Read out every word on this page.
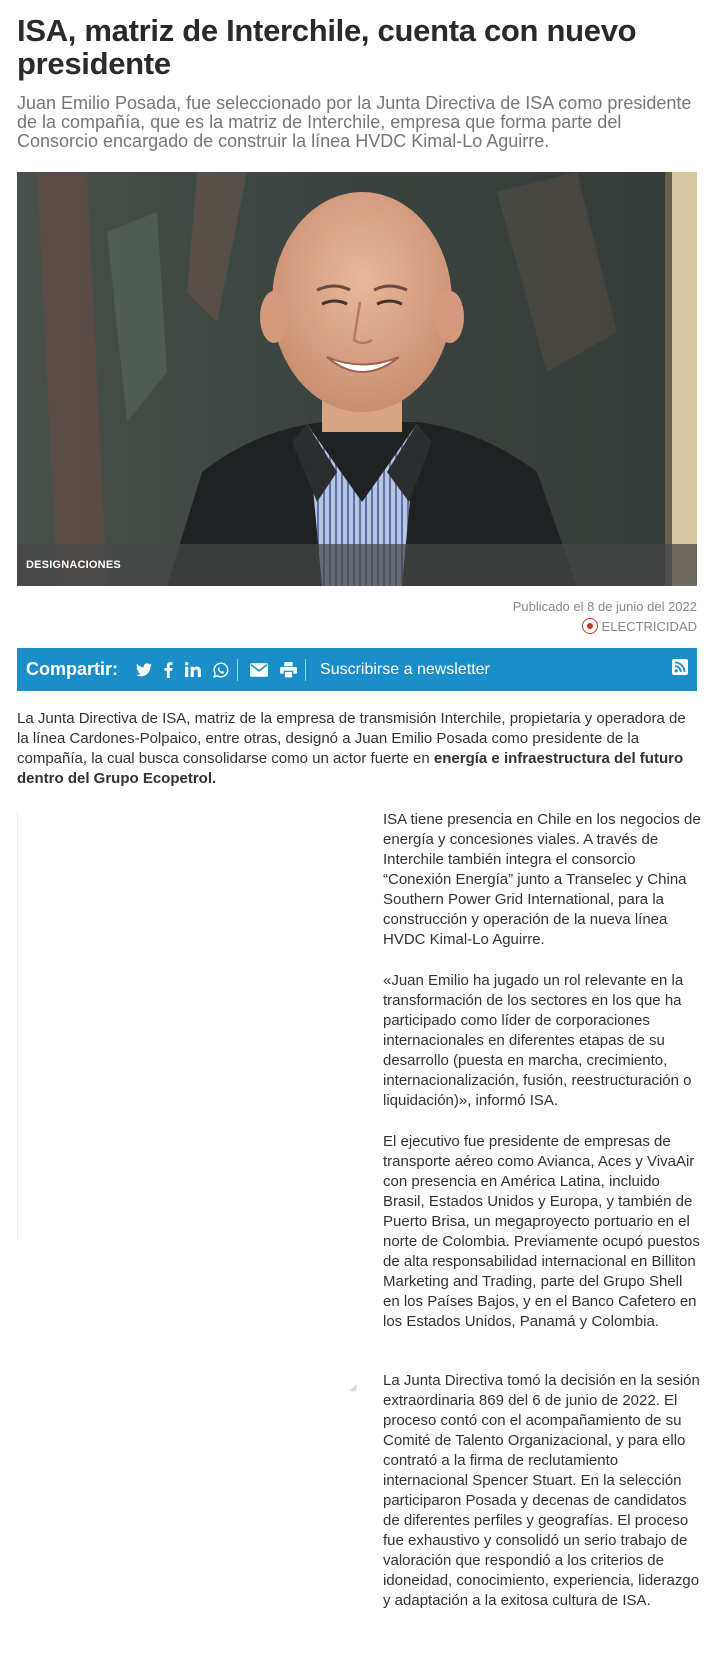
ISA, matriz de Interchile, cuenta con nuevo presidente

Juan Emilio Posada, fue seleccionado por la Junta Directiva de ISA como presidente de la compañía, que es la matriz de Interchile, empresa que forma parte del Consorcio encargado de construir la línea HVDC Kimal-Lo Aguirre.

DESIGNACIONES
Publicado el 8 de junio del 2022
ELECTRICIDAD
Compartir:	Suscribirse a newsletter

La Junta Directiva de ISA, matriz de la empresa de transmisión Interchile, propietaria y operadora de la línea Cardones-Polpaico, entre otras, designó a Juan Emilio Posada como presidente de la compañía, la cual busca consolidarse como un actor fuerte en energía e infraestructura del futuro dentro del Grupo Ecopetrol.

◢

ISA tiene presencia en Chile en los negocios de energía y concesiones viales. A través de Interchile también integra el consorcio “Conexión Energía” junto a Transelec y China Southern Power Grid International, para la construcción y operación de la nueva línea HVDC Kimal-Lo Aguirre.

«Juan Emilio ha jugado un rol relevante en la transformación de los sectores en los que ha participado como líder de corporaciones internacionales en diferentes etapas de su desarrollo (puesta en marcha, crecimiento, internacionalización, fusión, reestructuración o liquidación)», informó ISA.

El ejecutivo fue presidente de empresas de transporte aéreo como Avianca, Aces y VivaAir con presencia en América Latina, incluido Brasil, Estados Unidos y Europa, y también de Puerto Brisa, un megaproyecto portuario en el norte de Colombia. Previamente ocupó puestos de alta responsabilidad internacional en Billiton Marketing and Trading, parte del Grupo Shell en los Países Bajos, y en el Banco Cafetero en los Estados Unidos, Panamá y Colombia.

La Junta Directiva tomó la decisión en la sesión extraordinaria 869 del 6 de junio de 2022. El proceso contó con el acompañamiento de su Comité de Talento Organizacional, y para ello contrató a la firma de reclutamiento internacional Spencer Stuart. En la selección participaron Posada y decenas de candidatos de diferentes perfiles y geografías. El proceso fue exhaustivo y consolidó un serio trabajo de valoración que respondió a los criterios de idoneidad, conocimiento, experiencia, liderazgo y adaptación a la exitosa cultura de ISA.
